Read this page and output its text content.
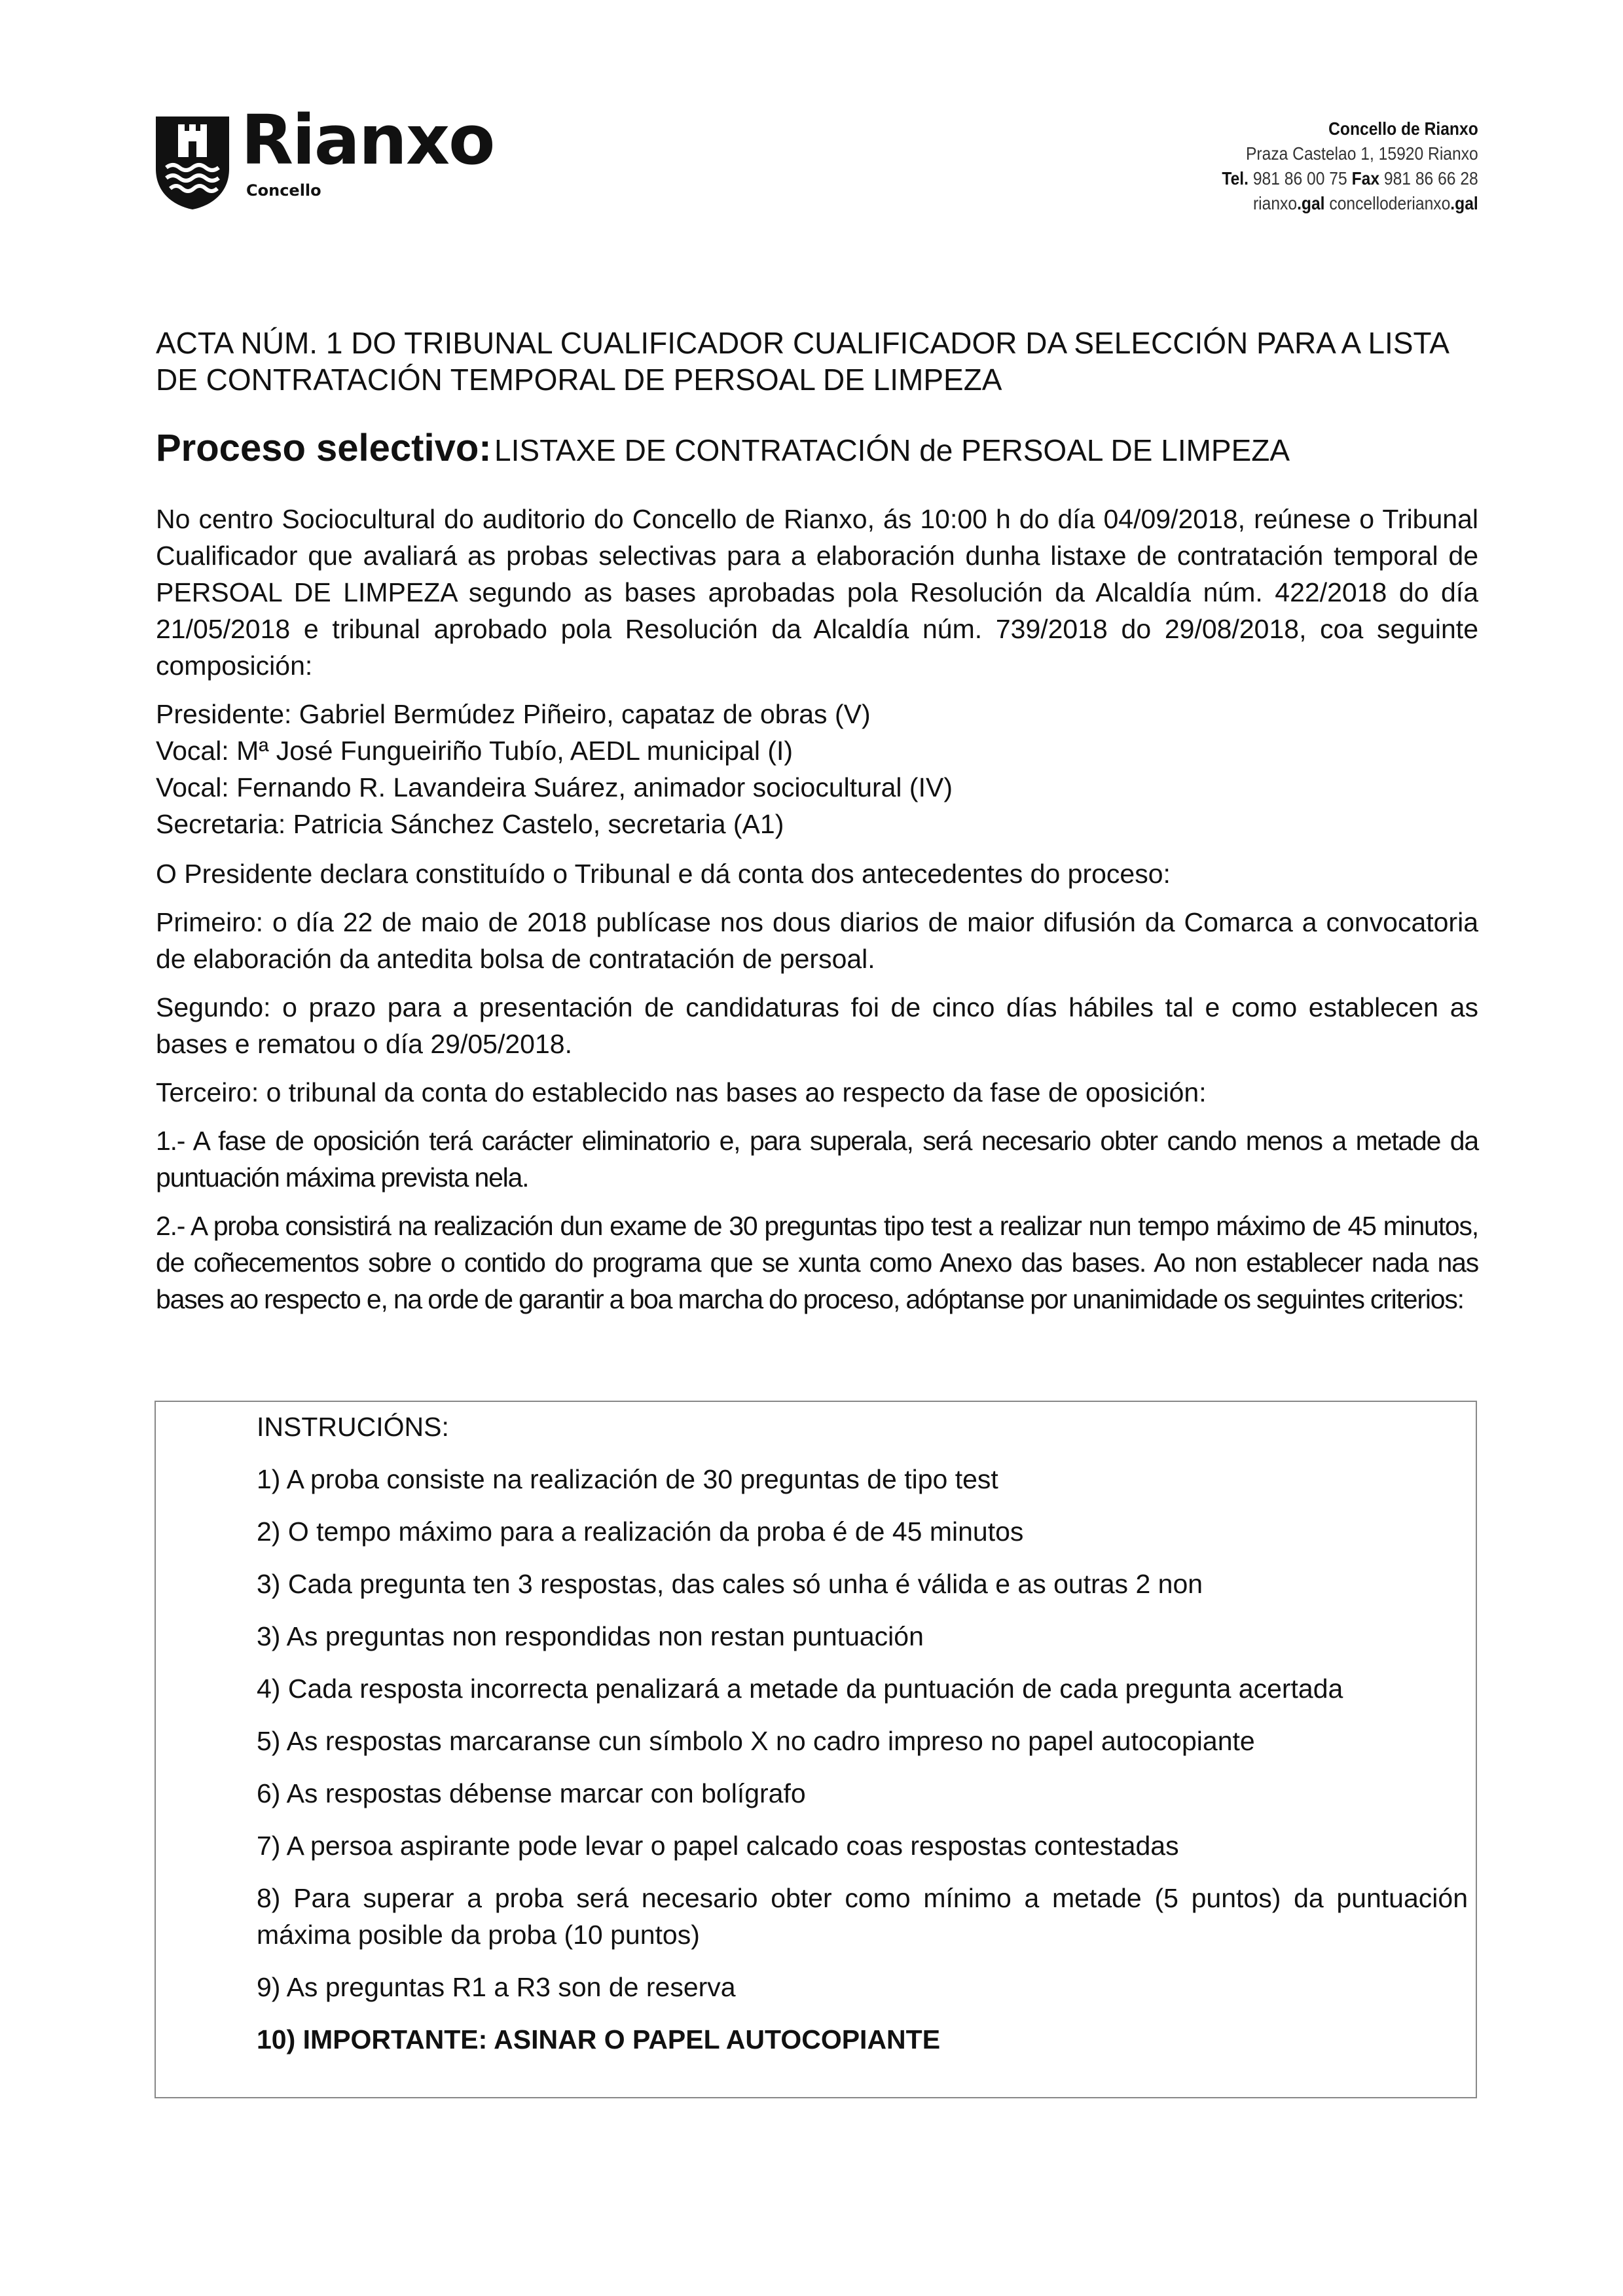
Rianxo
Concello
Concello de Rianxo
Praza Castelao 1, 15920 Rianxo
Tel. 981 86 00 75 Fax 981 86 66 28
rianxo.gal concelloderianxo.gal
ACTA NÚM. 1 DO TRIBUNAL CUALIFICADOR CUALIFICADOR DA SELECCIÓN PARA A LISTA DE CONTRATACIÓN TEMPORAL DE PERSOAL DE LIMPEZA
Proceso selectivo: LISTAXE DE CONTRATACIÓN de PERSOAL DE LIMPEZA

No centro Sociocultural do auditorio do Concello de Rianxo, ás 10:00 h do día 04/09/2018, reúnese o Tribunal Cualificador que avaliará as probas selectivas para a elaboración dunha listaxe de contratación temporal de PERSOAL DE LIMPEZA segundo as bases aprobadas pola Resolución da Alcaldía núm. 422/2018 do día 21/05/2018 e tribunal aprobado pola Resolución da Alcaldía núm. 739/2018 do 29/08/2018, coa seguinte composición:

Presidente: Gabriel Bermúdez Piñeiro, capataz de obras (V)
Vocal: Mª José Fungueiriño Tubío, AEDL municipal (I)
Vocal: Fernando R. Lavandeira Suárez, animador sociocultural (IV)
Secretaria: Patricia Sánchez Castelo, secretaria (A1)

O Presidente declara constituído o Tribunal e dá conta dos antecedentes do proceso:

Primeiro: o día 22 de maio de 2018 publícase nos dous diarios de maior difusión da Comarca a convocatoria de elaboración da antedita bolsa de contratación de persoal.

Segundo: o prazo para a presentación de candidaturas foi de cinco días hábiles tal e como establecen as bases e rematou o día 29/05/2018.

Terceiro: o tribunal da conta do establecido nas bases ao respecto da fase de oposición:

1.- A fase de oposición terá carácter eliminatorio e, para superala, será necesario obter cando menos a metade da puntuación máxima prevista nela.

2.- A proba consistirá na realización dun exame de 30 preguntas tipo test a realizar nun tempo máximo de 45 minutos, de coñecementos sobre o contido do programa que se xunta como Anexo das bases. Ao non establecer nada nas bases ao respecto e, na orde de garantir a boa marcha do proceso, adóptanse por unanimidade os seguintes criterios:

INSTRUCIÓNS:

1) A proba consiste na realización de 30 preguntas de tipo test

2) O tempo máximo para a realización da proba é de 45 minutos

3) Cada pregunta ten 3 respostas, das cales só unha é válida e as outras 2 non

3) As preguntas non respondidas non restan puntuación

4) Cada resposta incorrecta penalizará a metade da puntuación de cada pregunta acertada

5) As respostas marcaranse cun símbolo X no cadro impreso no papel autocopiante

6) As respostas débense marcar con bolígrafo

7) A persoa aspirante pode levar o papel calcado coas respostas contestadas

8) Para superar a proba será necesario obter como mínimo a metade (5 puntos) da puntuación máxima posible da proba (10 puntos)

9) As preguntas R1 a R3 son de reserva

10) IMPORTANTE: ASINAR O PAPEL AUTOCOPIANTE
